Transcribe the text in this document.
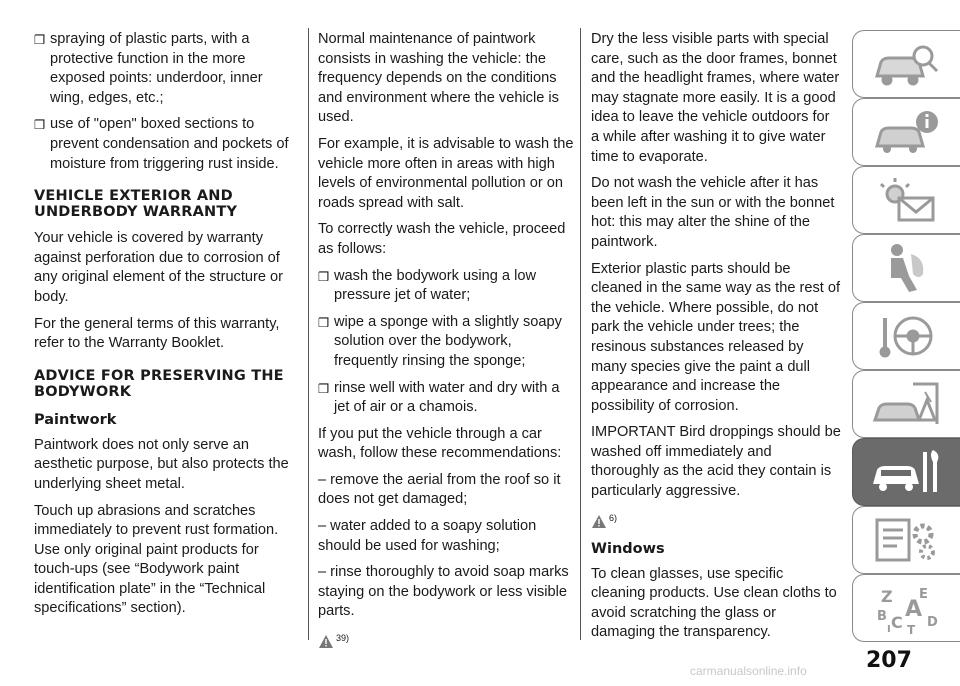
❒ spraying of plastic parts, with a protective function in the more exposed points: underdoor, inner wing, edges, etc.;
❒ use of "open" boxed sections to prevent condensation and pockets of moisture from triggering rust inside.
VEHICLE EXTERIOR AND UNDERBODY WARRANTY
Your vehicle is covered by warranty against perforation due to corrosion of any original element of the structure or body.
For the general terms of this warranty, refer to the Warranty Booklet.
ADVICE FOR PRESERVING THE BODYWORK
Paintwork
Paintwork does not only serve an aesthetic purpose, but also protects the underlying sheet metal.
Touch up abrasions and scratches immediately to prevent rust formation. Use only original paint products for touch-ups (see “Bodywork paint identification plate” in the “Technical specifications” section).
Normal maintenance of paintwork consists in washing the vehicle: the frequency depends on the conditions and environment where the vehicle is used.
For example, it is advisable to wash the vehicle more often in areas with high levels of environmental pollution or on roads spread with salt.
To correctly wash the vehicle, proceed as follows:
❒ wash the bodywork using a low pressure jet of water;
❒ wipe a sponge with a slightly soapy solution over the bodywork, frequently rinsing the sponge;
❒ rinse well with water and dry with a jet of air or a chamois.
If you put the vehicle through a car wash, follow these recommendations:
– remove the aerial from the roof so it does not get damaged;
– water added to a soapy solution should be used for washing;
– rinse thoroughly to avoid soap marks staying on the bodywork or less visible parts.
39)
Dry the less visible parts with special care, such as the door frames, bonnet and the headlight frames, where water may stagnate more easily. It is a good idea to leave the vehicle outdoors for a while after washing it to give water time to evaporate.
Do not wash the vehicle after it has been left in the sun or with the bonnet hot: this may alter the shine of the paintwork.
Exterior plastic parts should be cleaned in the same way as the rest of the vehicle. Where possible, do not park the vehicle under trees; the resinous substances released by many species give the paint a dull appearance and increase the possibility of corrosion.
IMPORTANT Bird droppings should be washed off immediately and thoroughly as the acid they contain is particularly aggressive.
6)
Windows
To clean glasses, use specific cleaning products. Use clean cloths to avoid scratching the glass or damaging the transparency.
Z E
A
B C D
T
I
207
carmanualsonline.info
